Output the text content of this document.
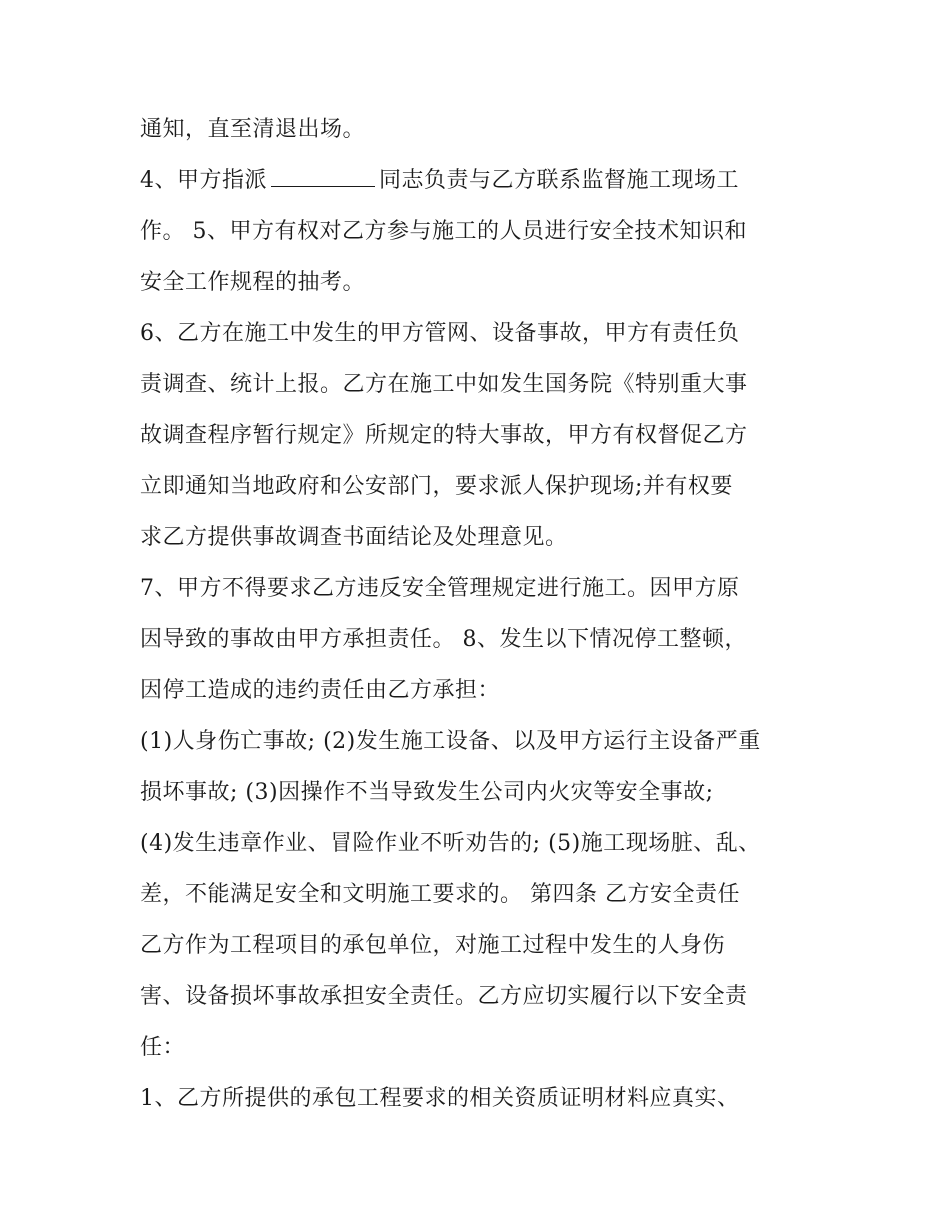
通知，直至清退出场。
4、甲方指派	同志负责与乙方联系监督施工现场工
作。 5、甲方有权对乙方参与施工的人员进行安全技术知识和
安全工作规程的抽考。
6、乙方在施工中发生的甲方管网、设备事故，甲方有责任负
责调查、统计上报。乙方在施工中如发生国务院《特别重大事
故调查程序暂行规定》所规定的特大事故，甲方有权督促乙方
立即通知当地政府和公安部门，要求派人保护现场;并有权要
求乙方提供事故调查书面结论及处理意见。
7、甲方不得要求乙方违反安全管理规定进行施工。因甲方原
因导致的事故由甲方承担责任。 8、发生以下情况停工整顿，
因停工造成的违约责任由乙方承担：
(1)人身伤亡事故; (2)发生施工设备、以及甲方运行主设备严重
损坏事故; (3)因操作不当导致发生公司内火灾等安全事故;
(4)发生违章作业、冒险作业不听劝告的; (5)施工现场脏、乱、
差，不能满足安全和文明施工要求的。 第四条 乙方安全责任
乙方作为工程项目的承包单位，对施工过程中发生的人身伤
害、设备损坏事故承担安全责任。乙方应切实履行以下安全责
任：
1、乙方所提供的承包工程要求的相关资质证明材料应真实、
